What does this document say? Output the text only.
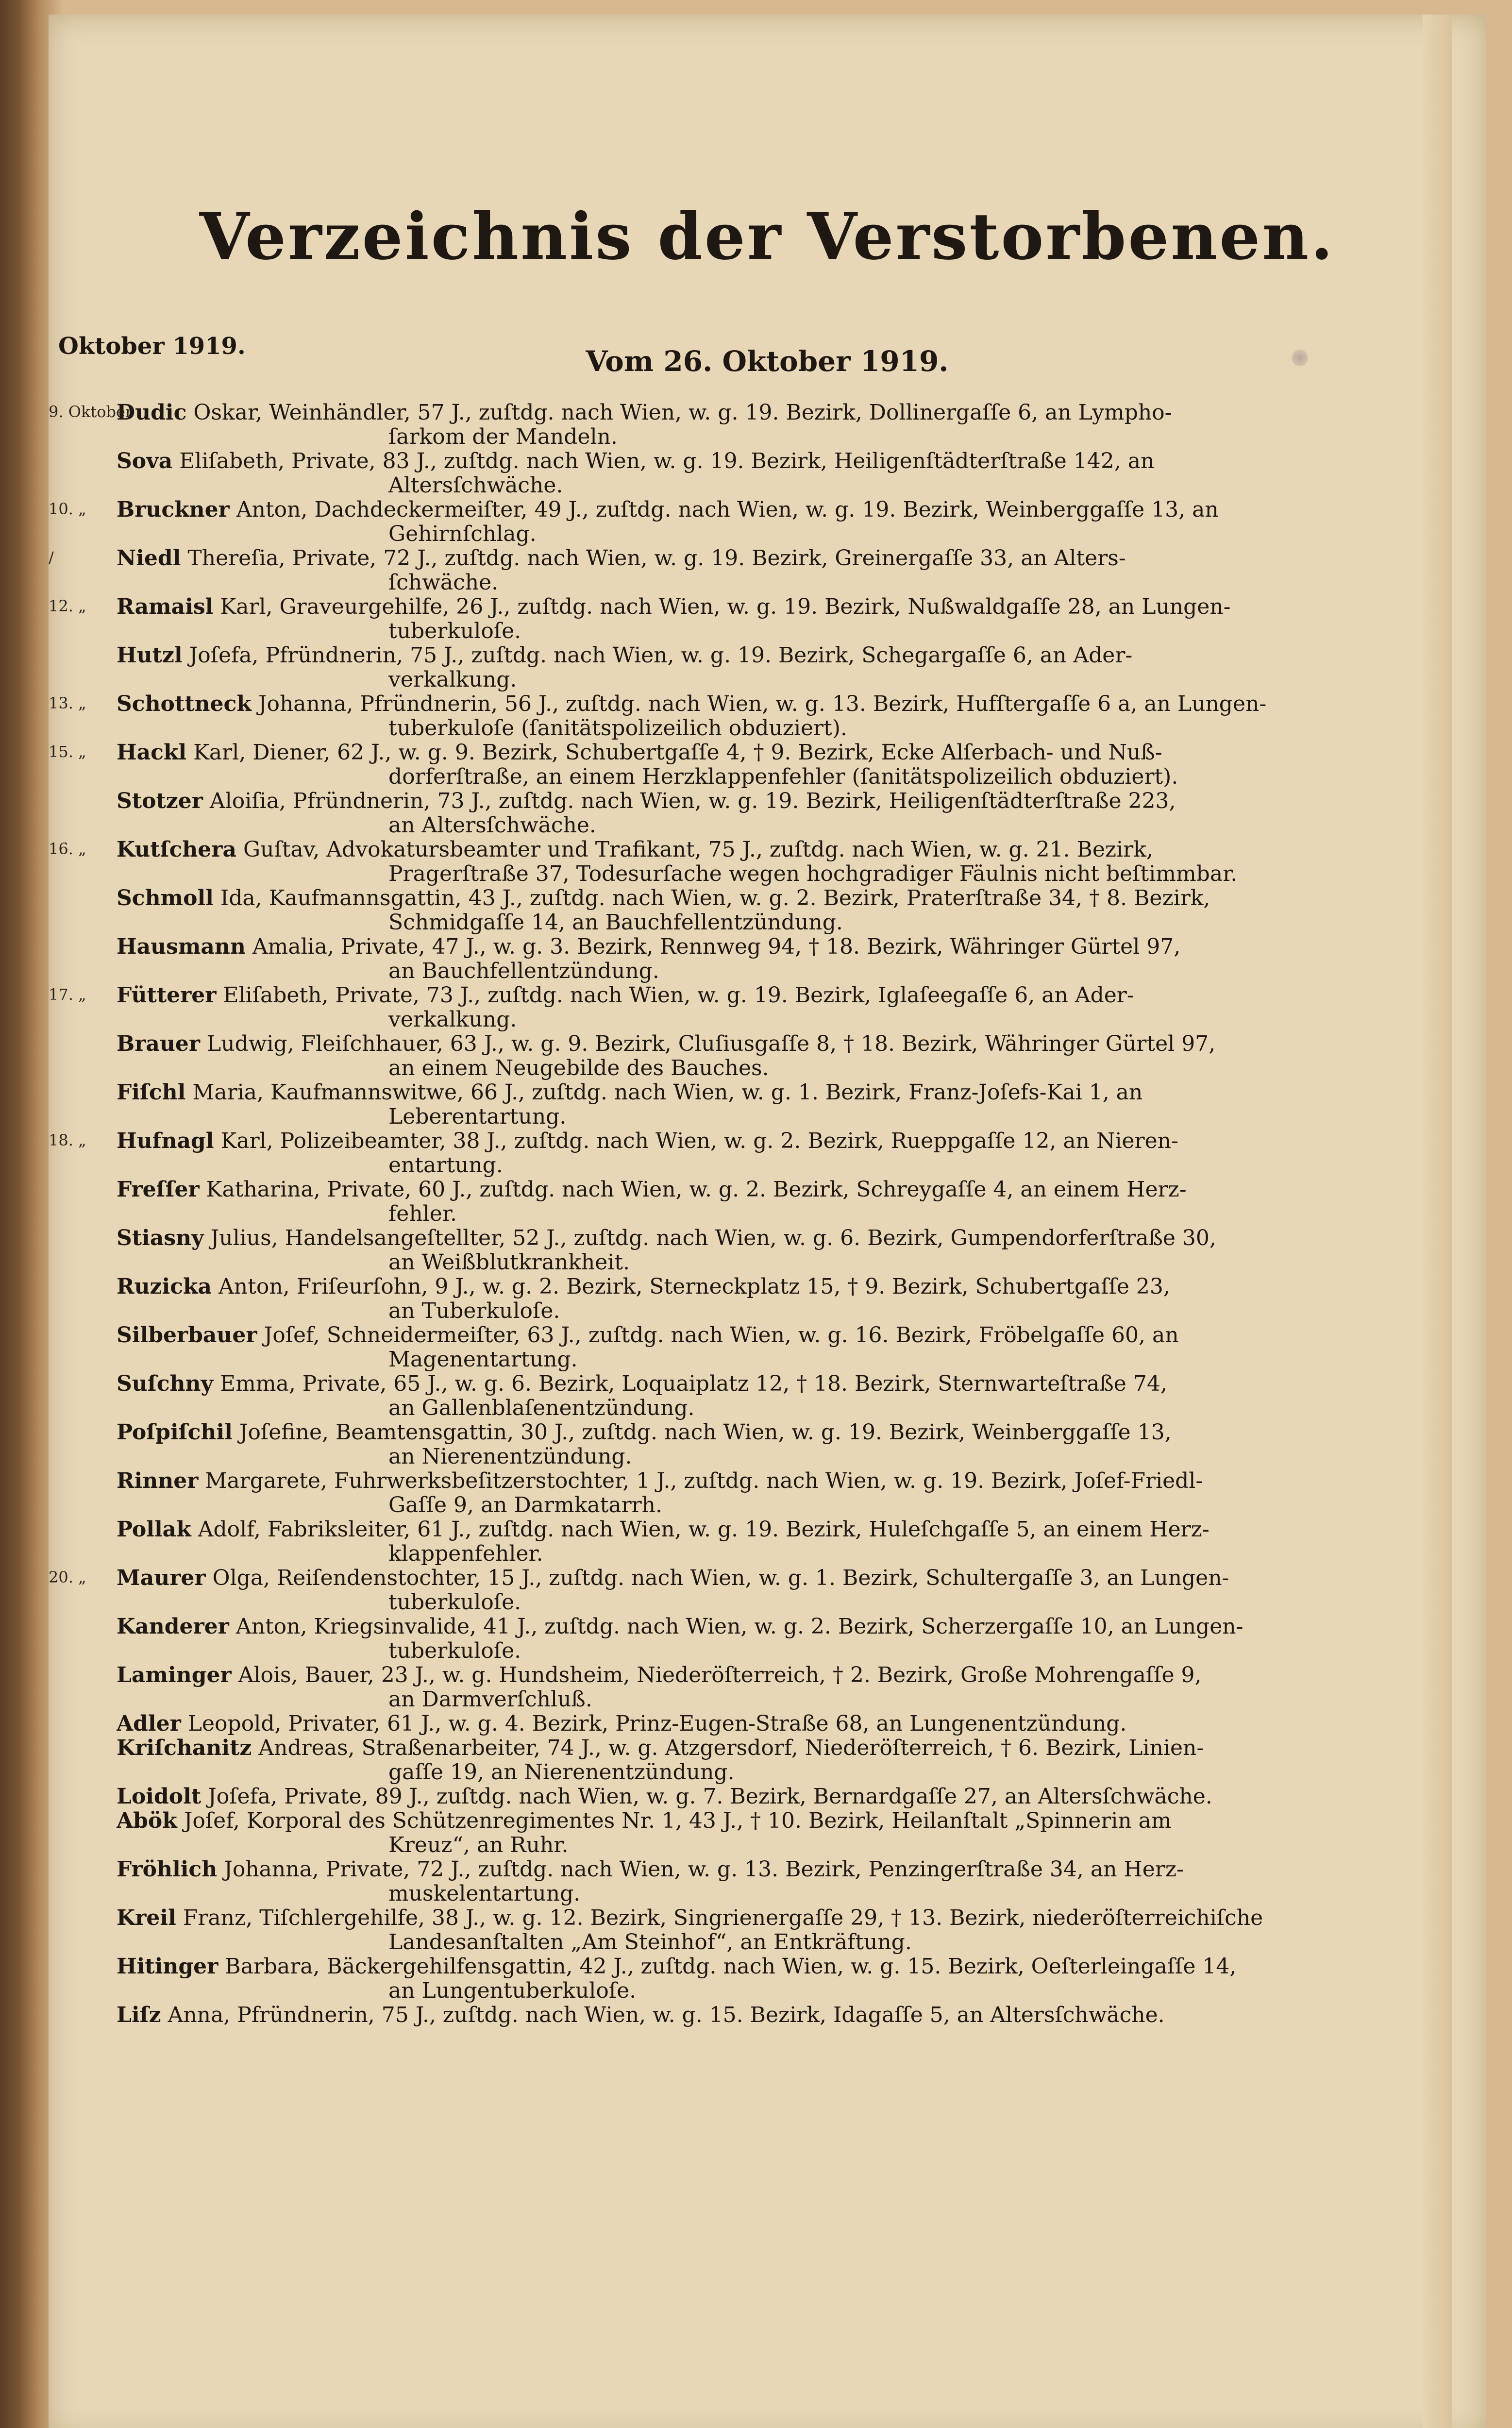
Verzeichnis der Verstorbenen.
Oktober 1919.	Vom 26. Oktober 1919.
9. Oktober
Dudic Oskar, Weinhändler, 57 J., zuſtdg. nach Wien, w. g. 19. Bezirk, Dollinergaſſe 6, an Lympho-
ſarkom der Mandeln.
Sova Eliſabeth, Private, 83 J., zuſtdg. nach Wien, w. g. 19. Bezirk, Heiligenſtädterſtraße 142, an
Altersſchwäche.
10. „ Bruckner Anton, Dachdeckermeiſter, 49 J., zuſtdg. nach Wien, w. g. 19. Bezirk, Weinberggaſſe 13, an
Gehirnſchlag.
/	Niedl Thereſia, Private, 72 J., zuſtdg. nach Wien, w. g. 19. Bezirk, Greinergaſſe 33, an Alters-
ſchwäche.
12. „ Ramaisl Karl, Graveurgehilfe, 26 J., zuſtdg. nach Wien, w. g. 19. Bezirk, Nußwaldgaſſe 28, an Lungen-
tuberkuloſe.
Hutzl Joſefa, Pfründnerin, 75 J., zuſtdg. nach Wien, w. g. 19. Bezirk, Schegargaſſe 6, an Ader-
verkalkung.
13. „ Schottneck Johanna, Pfründnerin, 56 J., zuſtdg. nach Wien, w. g. 13. Bezirk, Hufſtergaſſe 6 a, an Lungen-
tuberkuloſe (ſanitätspolizeilich obduziert).
15. „ Hackl Karl, Diener, 62 J., w. g. 9. Bezirk, Schubertgaſſe 4, † 9. Bezirk, Ecke Alſerbach- und Nuß-
dorferſtraße, an einem Herzklappenfehler (ſanitätspolizeilich obduziert).
Stotzer Aloiſia, Pfründnerin, 73 J., zuſtdg. nach Wien, w. g. 19. Bezirk, Heiligenſtädterſtraße 223,
an Altersſchwäche.
16. „ Kutſchera Guſtav, Advokatursbeamter und Trafikant, 75 J., zuſtdg. nach Wien, w. g. 21. Bezirk,
Pragerſtraße 37, Todesurſache wegen hochgradiger Fäulnis nicht beſtimmbar.
Schmoll Ida, Kaufmannsgattin, 43 J., zuſtdg. nach Wien, w. g. 2. Bezirk, Praterſtraße 34, † 8. Bezirk,
Schmidgaſſe 14, an Bauchfellentzündung.
Hausmann Amalia, Private, 47 J., w. g. 3. Bezirk, Rennweg 94, † 18. Bezirk, Währinger Gürtel 97,
an Bauchfellentzündung.
17. „ Fütterer Eliſabeth, Private, 73 J., zuſtdg. nach Wien, w. g. 19. Bezirk, Iglaſeegaſſe 6, an Ader-
verkalkung.
Brauer Ludwig, Fleiſchhauer, 63 J., w. g. 9. Bezirk, Cluſiusgaſſe 8, † 18. Bezirk, Währinger Gürtel 97,
an einem Neugebilde des Bauches.
Fiſchl Maria, Kaufmannswitwe, 66 J., zuſtdg. nach Wien, w. g. 1. Bezirk, Franz-Joſefs-Kai 1, an
Leberentartung.
18. „ Hufnagl Karl, Polizeibeamter, 38 J., zuſtdg. nach Wien, w. g. 2. Bezirk, Rueppgaſſe 12, an Nieren-
entartung.
Freſſer Katharina, Private, 60 J., zuſtdg. nach Wien, w. g. 2. Bezirk, Schreygaſſe 4, an einem Herz-
fehler.
Stiasny Julius, Handelsangeſtellter, 52 J., zuſtdg. nach Wien, w. g. 6. Bezirk, Gumpendorferſtraße 30,
an Weißblutkrankheit.
Ruzicka Anton, Friſeurſohn, 9 J., w. g. 2. Bezirk, Sterneckplatz 15, † 9. Bezirk, Schubertgaſſe 23,
an Tuberkuloſe.
Silberbauer Joſef, Schneidermeiſter, 63 J., zuſtdg. nach Wien, w. g. 16. Bezirk, Fröbelgaſſe 60, an
Magenentartung.
Suſchny Emma, Private, 65 J., w. g. 6. Bezirk, Loquaiplatz 12, † 18. Bezirk, Sternwarteſtraße 74,
an Gallenblaſenentzündung.
Poſpiſchil Joſefine, Beamtensgattin, 30 J., zuſtdg. nach Wien, w. g. 19. Bezirk, Weinberggaſſe 13,
an Nierenentzündung.
Rinner Margarete, Fuhrwerksbeſitzerstochter, 1 J., zuſtdg. nach Wien, w. g. 19. Bezirk, Joſef-Friedl-
Gaſſe 9, an Darmkatarrh.
Pollak Adolf, Fabriksleiter, 61 J., zuſtdg. nach Wien, w. g. 19. Bezirk, Huleſchgaſſe 5, an einem Herz-
klappenfehler.
20. „ Maurer Olga, Reiſendenstochter, 15 J., zuſtdg. nach Wien, w. g. 1. Bezirk, Schultergaſſe 3, an Lungen-
tuberkuloſe.
Kanderer Anton, Kriegsinvalide, 41 J., zuſtdg. nach Wien, w. g. 2. Bezirk, Scherzergaſſe 10, an Lungen-
tuberkuloſe.
Laminger Alois, Bauer, 23 J., w. g. Hundsheim, Niederöſterreich, † 2. Bezirk, Große Mohrengaſſe 9,
an Darmverſchluß.
Adler Leopold, Privater, 61 J., w. g. 4. Bezirk, Prinz-Eugen-Straße 68, an Lungenentzündung.
Kriſchanitz Andreas, Straßenarbeiter, 74 J., w. g. Atzgersdorf, Niederöſterreich, † 6. Bezirk, Linien-
gaſſe 19, an Nierenentzündung.
Loidolt Joſefa, Private, 89 J., zuſtdg. nach Wien, w. g. 7. Bezirk, Bernardgaſſe 27, an Altersſchwäche.
Abök Joſef, Korporal des Schützenregimentes Nr. 1, 43 J., † 10. Bezirk, Heilanſtalt „Spinnerin am
Kreuz“, an Ruhr.
Fröhlich Johanna, Private, 72 J., zuſtdg. nach Wien, w. g. 13. Bezirk, Penzingerſtraße 34, an Herz-
muskelentartung.
Kreil Franz, Tiſchlergehilfe, 38 J., w. g. 12. Bezirk, Singrienergaſſe 29, † 13. Bezirk, niederöſterreichiſche
Landesanſtalten „Am Steinhof“, an Entkräftung.
Hitinger Barbara, Bäckergehilfensgattin, 42 J., zuſtdg. nach Wien, w. g. 15. Bezirk, Oeſterleingaſſe 14,
an Lungentuberkuloſe.
Liſz Anna, Pfründnerin, 75 J., zuſtdg. nach Wien, w. g. 15. Bezirk, Idagaſſe 5, an Altersſchwäche.
